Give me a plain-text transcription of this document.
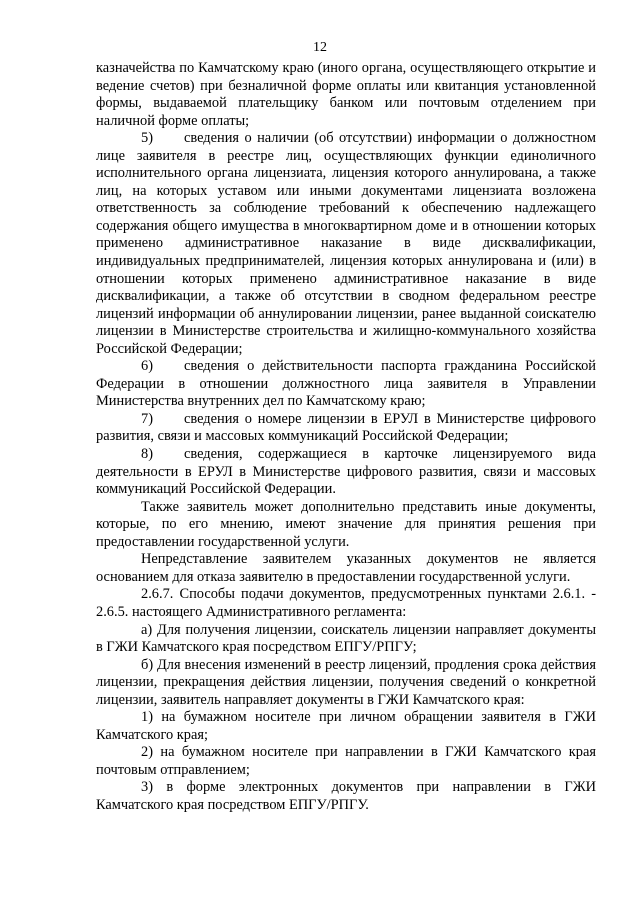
12

казначейства по Камчатскому краю (иного органа, осуществляющего открытие и ведение счетов) при безналичной форме оплаты или квитанция установленной формы, выдаваемой плательщику банком или почтовым отделением при наличной форме оплаты;

5) сведения о наличии (об отсутствии) информации о должностном лице заявителя в реестре лиц, осуществляющих функции единоличного исполнительного органа лицензиата, лицензия которого аннулирована, а также лиц, на которых уставом или иными документами лицензиата возложена ответственность за соблюдение требований к обеспечению надлежащего содержания общего имущества в многоквартирном доме и в отношении которых применено административное наказание в виде дисквалификации, индивидуальных предпринимателей, лицензия которых аннулирована и (или) в отношении которых применено административное наказание в виде дисквалификации, а также об отсутствии в сводном федеральном реестре лицензий информации об аннулировании лицензии, ранее выданной соискателю лицензии в Министерстве строительства и жилищно-коммунального хозяйства Российской Федерации;

6) сведения о действительности паспорта гражданина Российской Федерации в отношении должностного лица заявителя в Управлении Министерства внутренних дел по Камчатскому краю;

7) сведения о номере лицензии в ЕРУЛ в Министерстве цифрового развития, связи и массовых коммуникаций Российской Федерации;

8) сведения, содержащиеся в карточке лицензируемого вида деятельности в ЕРУЛ в Министерстве цифрового развития, связи и массовых коммуникаций Российской Федерации.

Также заявитель может дополнительно представить иные документы, которые, по его мнению, имеют значение для принятия решения при предоставлении государственной услуги.

Непредставление заявителем указанных документов не является основанием для отказа заявителю в предоставлении государственной услуги.

2.6.7. Способы подачи документов, предусмотренных пунктами 2.6.1. - 2.6.5. настоящего Административного регламента:

а) Для получения лицензии, соискатель лицензии направляет документы в ГЖИ Камчатского края посредством ЕПГУ/РПГУ;

б) Для внесения изменений в реестр лицензий, продления срока действия лицензии, прекращения действия лицензии, получения сведений о конкретной лицензии, заявитель направляет документы в ГЖИ Камчатского края:

1) на бумажном носителе при личном обращении заявителя в ГЖИ Камчатского края;

2) на бумажном носителе при направлении в ГЖИ Камчатского края почтовым отправлением;

3) в форме электронных документов при направлении в ГЖИ Камчатского края посредством ЕПГУ/РПГУ.
